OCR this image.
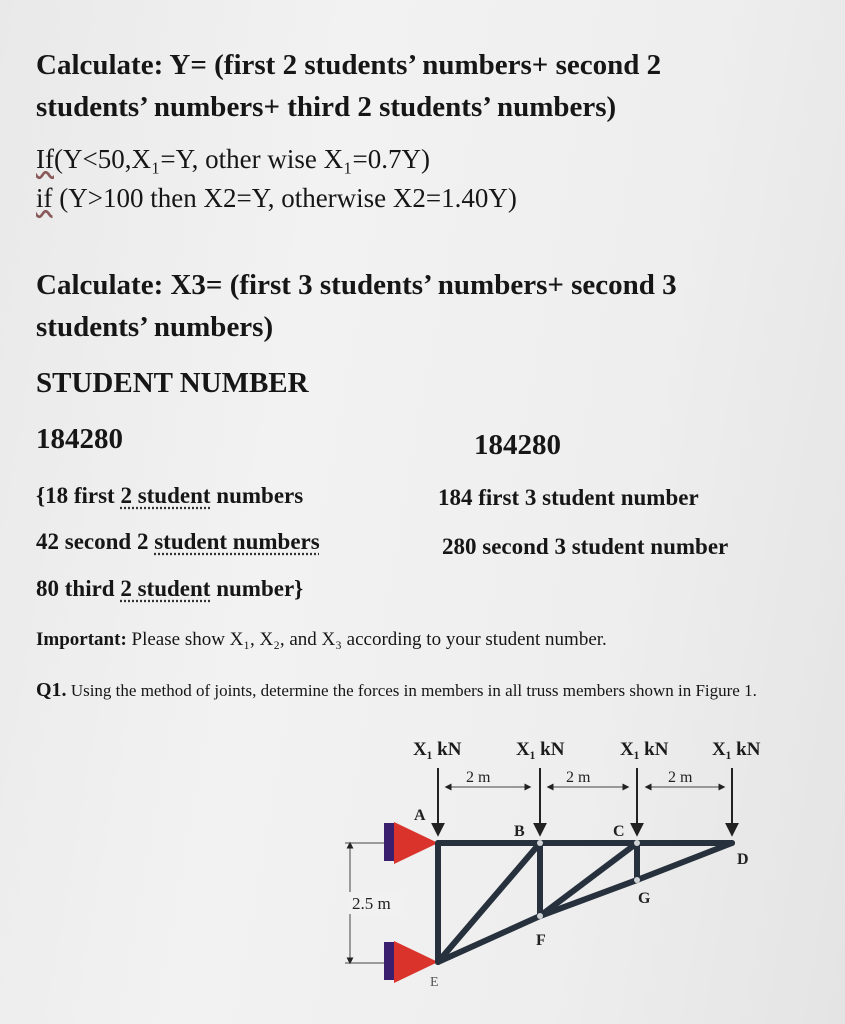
Calculate: Y= (first 2 students’ numbers+ second 2
students’ numbers+ third 2 students’ numbers)
If(Y<50,X₁=Y, other wise X₁=0.7Y)
if (Y>100 then X2=Y, otherwise X2=1.40Y)
Calculate: X3= (first 3 students’ numbers+ second 3
students’ numbers)
STUDENT NUMBER
184280	184280
{18 first 2 student numbers
42 second 2 student numbers
80 third 2 student number}
184 first 3 student number
280 second 3 student number
Important: Please show X₁, X₂, and X₃ according to your student number.
Q1. Using the method of joints, determine the forces in members in all truss members shown in Figure 1.
X₁ kN	X₁ kN	X₁ kN X₁ kN
2 m	2 m	2 m
2.5 m
A
B	C
D
E
F
G
